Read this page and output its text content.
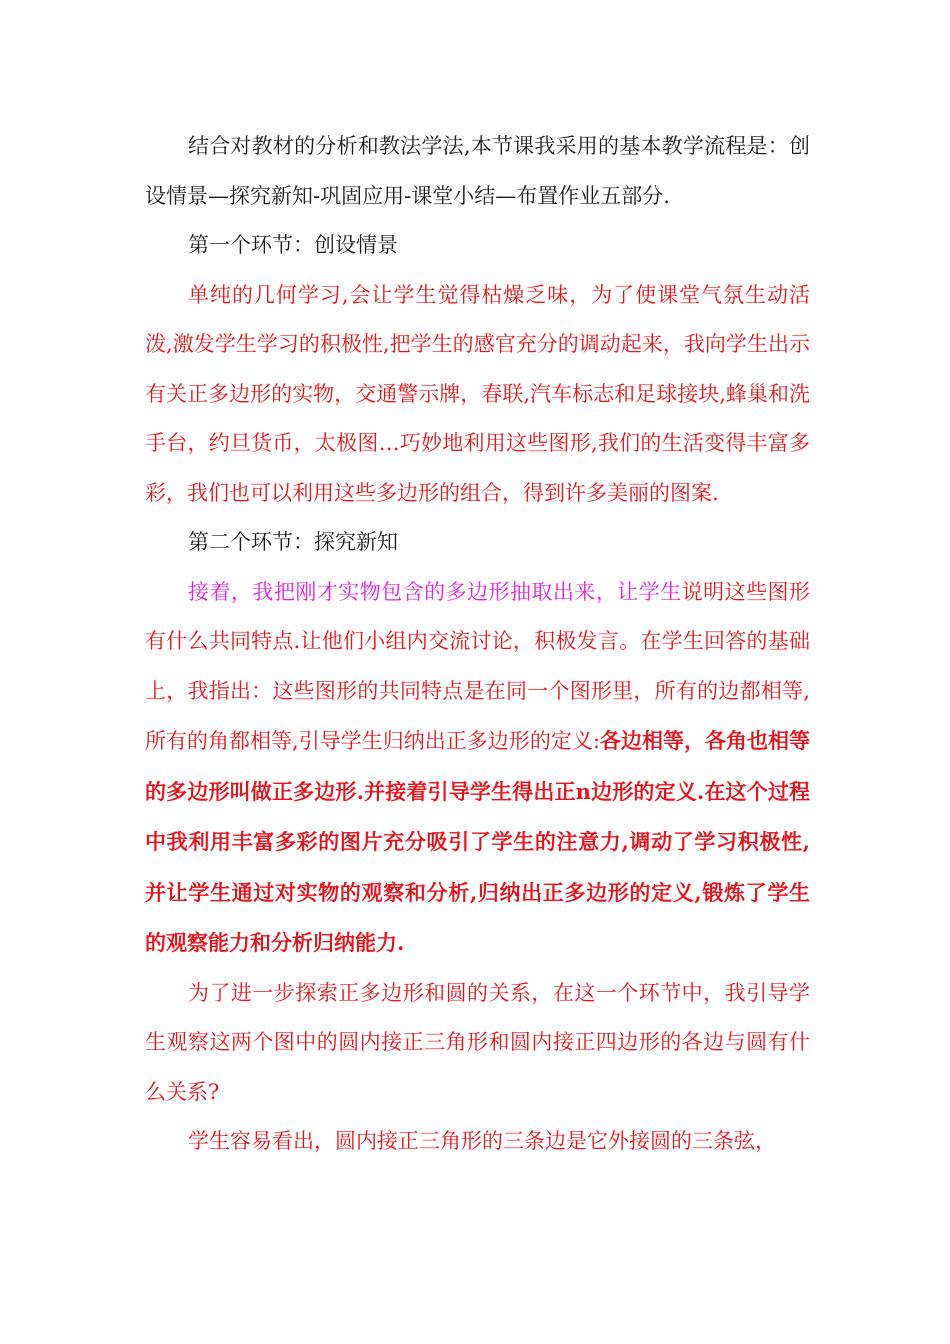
结合对教材的分析和教法学法,本节课我采用的基本教学流程是：创设情景—探究新知-巩固应用-课堂小结—布置作业五部分.

第一个环节：创设情景

单纯的几何学习,会让学生觉得枯燥乏味，为了使课堂气氛生动活泼,激发学生学习的积极性,把学生的感官充分的调动起来，我向学生出示有关正多边形的实物，交通警示牌，春联,汽车标志和足球接块,蜂巢和洗手台，约旦货币，太极图…巧妙地利用这些图形,我们的生活变得丰富多彩，我们也可以利用这些多边形的组合，得到许多美丽的图案.

第二个环节：探究新知

接着，我把刚才实物包含的多边形抽取出来，让学生说明这些图形有什么共同特点.让他们小组内交流讨论，积极发言。在学生回答的基础上，我指出：这些图形的共同特点是在同一个图形里，所有的边都相等,所有的角都相等,引导学生归纳出正多边形的定义:各边相等，各角也相等的多边形叫做正多边形.并接着引导学生得出正n边形的定义.在这个过程中我利用丰富多彩的图片充分吸引了学生的注意力,调动了学习积极性,并让学生通过对实物的观察和分析,归纳出正多边形的定义,锻炼了学生的观察能力和分析归纳能力.

为了进一步探索正多边形和圆的关系，在这一个环节中，我引导学生观察这两个图中的圆内接正三角形和圆内接正四边形的各边与圆有什么关系?

学生容易看出，圆内接正三角形的三条边是它外接圆的三条弦，
